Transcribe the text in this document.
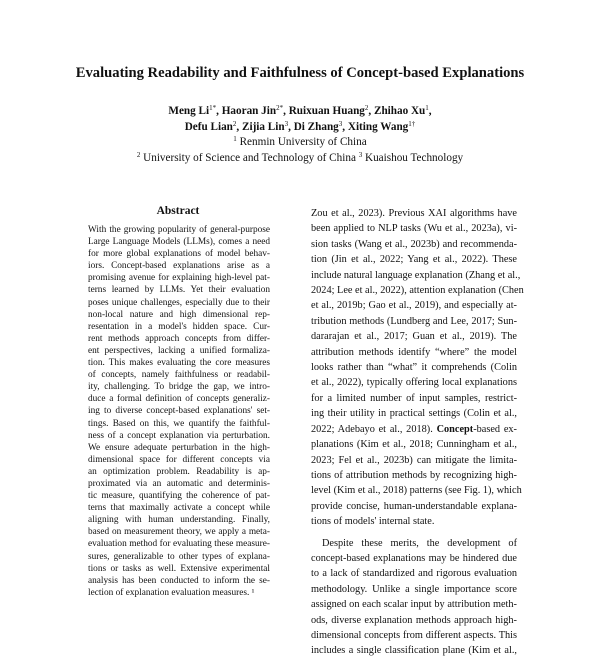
Evaluating Readability and Faithfulness of Concept-based Explanations
Meng $Li^{1*}$, Haoran Jin$^{2*}$, Ruixuan Huang$^2$, Zhihao Xu$^1$,
Defu Lian$^2$, Zijia Lin$^3$, Di Zhang$^3$, Xiting Wang$^{1\dagger}$
$^1$ Renmin University of China
$^2$ University of Science and Technology of China $^3$ Kuaishou Technology
Abstract
With the growing popularity of general-purpose
Large Language Models (LLMs), comes a need
for more global explanations of model behav-
iors. Concept-based explanations arise as a
promising avenue for explaining high-level pat-
terns learned by LLMs. Yet their evaluation
poses unique challenges, especially due to their
non-local nature and high dimensional rep-
resentation in a model's hidden space. Cur-
rent methods approach concepts from differ-
ent perspectives, lacking a unified formaliza-
tion. This makes evaluating the core measures
of concepts, namely faithfulness or readabil-
ity, challenging. To bridge the gap, we intro-
duce a formal definition of concepts generaliz-
ing to diverse concept-based explanations' set-
tings. Based on this, we quantify the faithful-
ness of a concept explanation via perturbation.
We ensure adequate perturbation in the high-
dimensional space for different concepts via
an optimization problem. Readability is ap-
proximated via an automatic and determinis-
tic measure, quantifying the coherence of pat-
terns that maximally activate a concept while
aligning with human understanding. Finally,
based on measurement theory, we apply a meta-
evaluation method for evaluating these measure-
sures, generalizable to other types of explana-
tions or tasks as well. Extensive experimental
analysis has been conducted to inform the se-
lection of explanation evaluation measures. ¹
Zou et al., 2023). Previous XAI algorithms have
been applied to NLP tasks (Wu et al., 2023a), vi-
sion tasks (Wang et al., 2023b) and recommenda-
tion (Jin et al., 2022; Yang et al., 2022). These
include natural language explanation (Zhang et al.,
2024; Lee et al., 2022), attention explanation (Chen
et al., 2019b; Gao et al., 2019), and especially at-
tribution methods (Lundberg and Lee, 2017; Sun-
dararajan et al., 2017; Guan et al., 2019). The
attribution methods identify “where” the model
looks rather than “what” it comprehends (Colin
et al., 2022), typically offering local explanations
for a limited number of input samples, restrict-
ing their utility in practical settings (Colin et al.,
2022; Adebayo et al., 2018). Concept-based ex-
planations (Kim et al., 2018; Cunningham et al.,
2023; Fel et al., 2023b) can mitigate the limita-
tions of attribution methods by recognizing high-
level (Kim et al., 2018) patterns (see Fig. 1), which
provide concise, human-understandable explana-
tions of models' internal state.
Despite these merits, the development of
concept-based explanations may be hindered due
to a lack of standardized and rigorous evaluation
methodology. Unlike a single importance score
assigned on each scalar input by attribution meth-
ods, diverse explanation methods approach high-
dimensional concepts from different aspects. This
includes a single classification plane (Kim et al.,
